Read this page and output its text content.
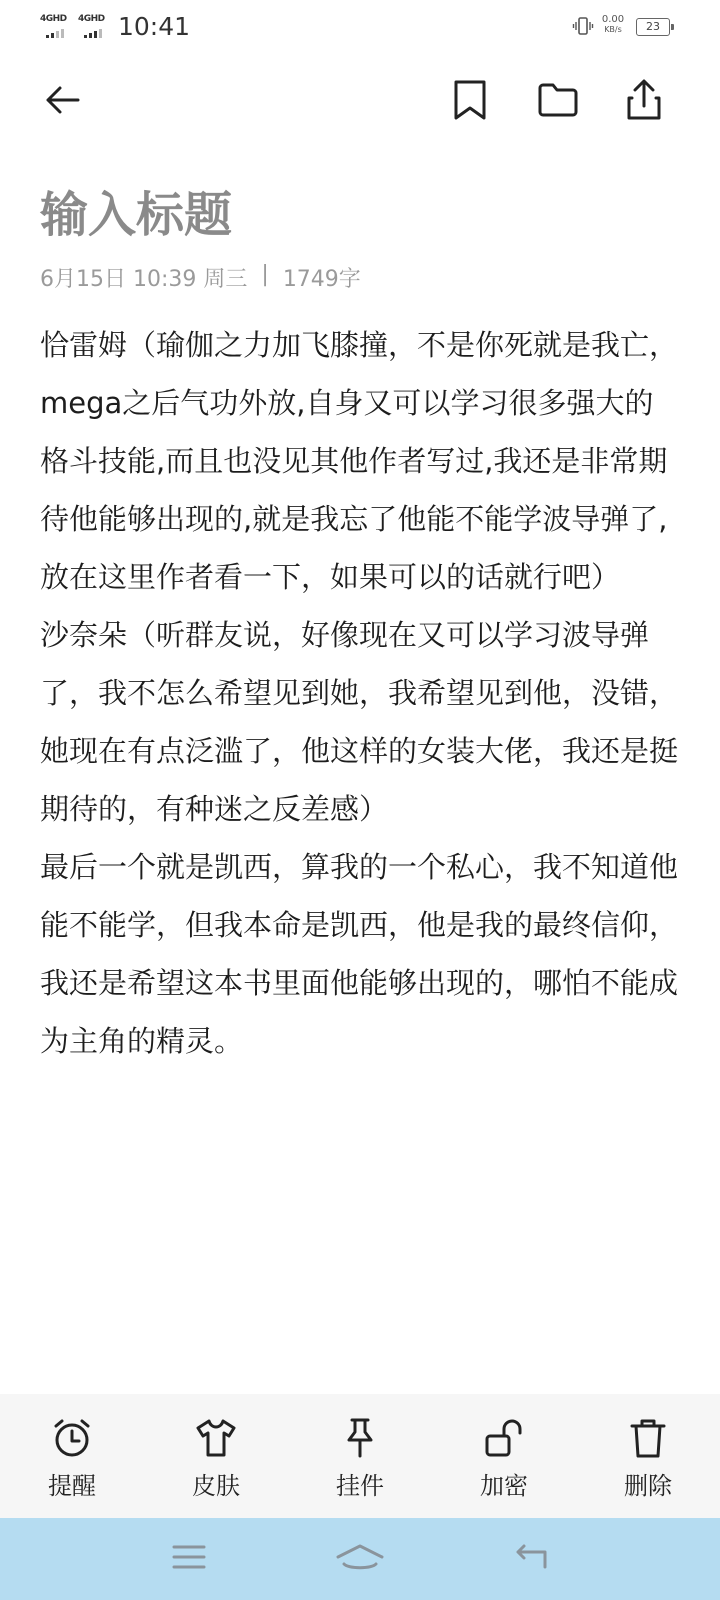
4GHD 4GHD 10:41	0.00
KB/s	23
输入标题
6月15日 10:39 周三 | 1749字

恰雷姆（瑜伽之力加飞膝撞，不是你死就是我亡，mega之后气功外放,自身又可以学习很多强大的格斗技能,而且也没见其他作者写过,我还是非常期待他能够出现的,就是我忘了他能不能学波导弹了,放在这里作者看一下，如果可以的话就行吧）

沙奈朵（听群友说，好像现在又可以学习波导弹了，我不怎么希望见到她，我希望见到他，没错，她现在有点泛滥了，他这样的女装大佬，我还是挺期待的，有种迷之反差感）

最后一个就是凯西，算我的一个私心，我不知道他能不能学，但我本命是凯西，他是我的最终信仰，我还是希望这本书里面他能够出现的，哪怕不能成为主角的精灵。

提醒	皮肤	挂件	加密	删除
